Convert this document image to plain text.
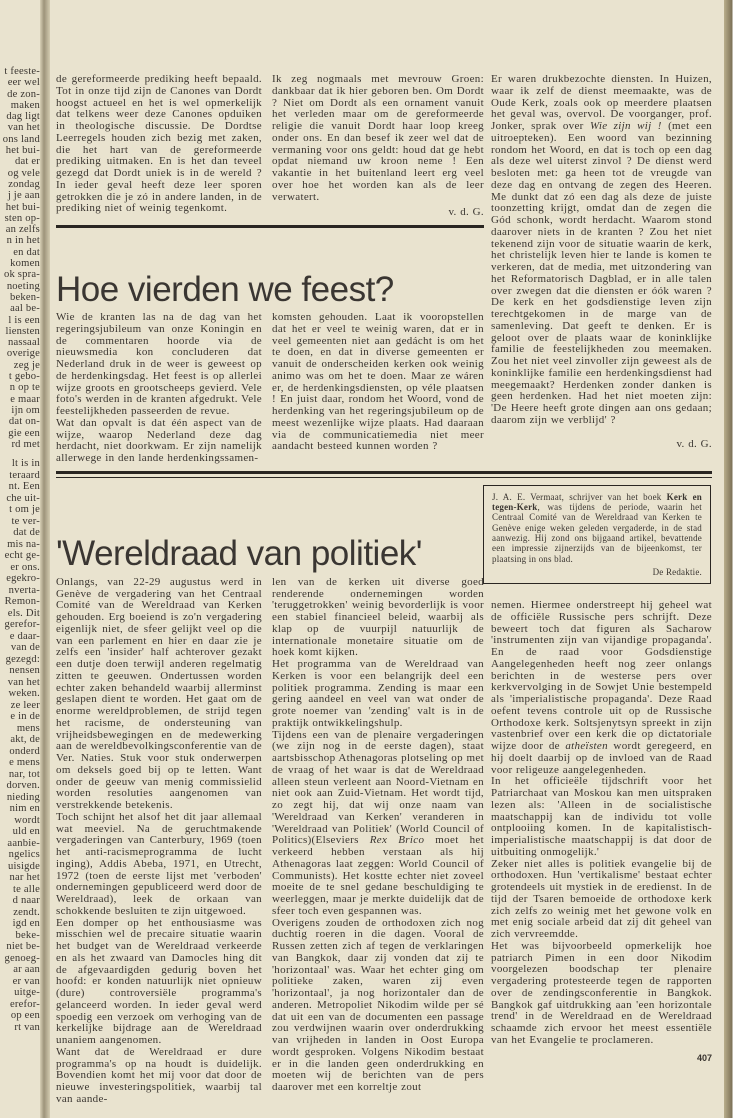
t feeste-
eer wel
de zon-
maken
dag ligt
van het
ons land
het bui-
dat er
og vele
zondag
j je aan
het bui-
sten op-
an zelfs
n in het
en dat
komen
ok spra-
noeting
beken-
aal be-
l is een
liensten
nassaal
overige
zeg je
t gebo-
n op te
e maar
ijn om
dat on-
gie een
rd met
lt is in
teraard
nt. Een
che uit-
t om je
te ver-
dat de
mis na-
echt ge-
er ons.
egekro-
nverta-
Remon-
els. Dit
gerefor-
e daar-
van de
gezegd:
nensen
van het
weken.
ze leer
e in de
mens
akt, de
onderd
e mens
nar, tot
dorven.
nieding
nim en
wordt
uld en
aanbie-
ngelics
uisigde
nar het
te alle
d naar
zendt.
igd en
beke-
niet be-
genoeg-
ar aan
er van
uitge-
erefor-
op een
rt van

de gereformeerde prediking heeft bepaald. Tot in onze tijd zijn de Canones van Dordt hoogst actueel en het is wel opmerkelijk dat telkens weer deze Canones opduiken in theologische discussie. De Dordtse Leerregels houden zich bezig met zaken, die het hart van de gereformeerde prediking uitmaken. En is het dan teveel gezegd dat Dordt uniek is in de wereld ? In ieder geval heeft deze leer sporen getrokken die je zó in andere landen, in de prediking niet of weinig tegenkomt.

Ik zeg nogmaals met mevrouw Groen: dankbaar dat ik hier geboren ben. Om Dordt ? Niet om Dordt als een ornament vanuit het verleden maar om de gereformeerde religie die vanuit Dordt haar loop kreeg onder ons. En dan besef ik zeer wel dat de vermaning voor ons geldt: houd dat ge hebt opdat niemand uw kroon neme ! Een vakantie in het buitenland leert erg veel over hoe het worden kan als de leer verwatert.

v. d. G.

Hoe vierden we feest?

Wie de kranten las na de dag van het regeringsjubileum van onze Koningin en de commentaren hoorde via de nieuwsmedia kon concluderen dat Nederland druk in de weer is geweest op de herdenkingsdag. Het feest is op allerlei wijze groots en grootscheeps gevierd. Vele foto's werden in de kranten afgedrukt. Vele feestelijkheden passeerden de revue.

Wat dan opvalt is dat één aspect van de wijze, waarop Nederland deze dag herdacht, niet doorkwam. Er zijn namelijk allerwege in den lande herdenkingssamen-

komsten gehouden. Laat ik vooropstellen dat het er veel te weinig waren, dat er in veel gemeenten niet aan gedácht is om het te doen, en dat in diverse gemeenten er vanuit de onderscheiden kerken ook weinig animo was om het te doen. Maar ze wáren er, de herdenkingsdiensten, op véle plaatsen ! En juist daar, rondom het Woord, vond de herdenking van het regeringsjubileum op de meest wezenlijke wijze plaats. Had daaraan via de communicatiemedia niet meer aandacht besteed kunnen worden ?

Er waren drukbezochte diensten. In Huizen, waar ik zelf de dienst meemaakte, was de Oude Kerk, zoals ook op meerdere plaatsen het geval was, overvol. De voorganger, prof. Jonker, sprak over Wie zijn wij ! (met een uitroepteken). Een woord van bezinning rondom het Woord, en dat is toch op een dag als deze wel uiterst zinvol ? De dienst werd besloten met: ga heen tot de vreugde van deze dag en ontvang de zegen des Heeren. Me dunkt dat zó een dag als deze de juiste toonzetting krijgt, omdat dan de zegen die Gód schonk, wordt herdacht. Waarom stond daarover niets in de kranten ? Zou het niet tekenend zijn voor de situatie waarin de kerk, het christelijk leven hier te lande is komen te verkeren, dat de media, met uitzondering van het Reformatorisch Dagblad, er in alle talen over zwegen dat die diensten er óók waren ? De kerk en het godsdienstige leven zijn terechtgekomen in de marge van de samenleving. Dat geeft te denken. Er is geloot over de plaats waar de koninklijke familie de feestelijkheden zou meemaken. Zou het niet veel zinvoller zijn geweest als de koninklijke familie een herdenkingsdienst had meegemaakt? Herdenken zonder danken is geen herdenken. Had het niet moeten zijn: 'De Heere heeft grote dingen aan ons gedaan; daarom zijn we verblijd' ?

v. d. G.

'Wereldraad van politiek'

Onlangs, van 22-29 augustus werd in Genève de vergadering van het Centraal Comité van de Wereldraad van Kerken gehouden. Erg boeiend is zo'n vergadering eigenlijk niet, de sfeer gelijkt veel op die van een parlement en hier en daar zie je zelfs een 'insider' half achterover gezakt een dutje doen terwijl anderen regelmatig zitten te geeuwen. Ondertussen worden echter zaken behandeld waarbij allerminst geslapen dient te worden. Het gaat om de enorme wereldproblemen, de strijd tegen het racisme, de ondersteuning van vrijheidsbewegingen en de medewerking aan de wereldbevolkingsconferentie van de Ver. Naties. Stuk voor stuk onderwerpen om deksels goed bij op te letten. Want onder de geeuw van menig commissielid worden resoluties aangenomen van verstrekkende betekenis.

Toch schijnt het alsof het dit jaar allemaal wat meeviel. Na de geruchtmakende vergaderingen van Canterbury, 1969 (toen het anti-racismeprogramma de lucht inging), Addis Abeba, 1971, en Utrecht, 1972 (toen de eerste lijst met 'verboden' ondernemingen gepubliceerd werd door de Wereldraad), leek de orkaan van schokkende besluiten te zijn uitgewoed.

Een domper op het enthousiasme was misschien wel de precaire situatie waarin het budget van de Wereldraad verkeerde en als het zwaard van Damocles hing dit de afgevaardigden gedurig boven het hoofd: er konden natuurlijk niet opnieuw (dure) controversiële programma's gelanceerd worden. In ieder geval werd spoedig een verzoek om verhoging van de kerkelijke bijdrage aan de Wereldraad unaniem aangenomen.

Want dat de Wereldraad er dure programma's op na houdt is duidelijk. Bovendien komt het mij voor dat door de nieuwe investeringspolitiek, waarbij tal van aande-

len van de kerken uit diverse goed renderende ondernemingen worden 'teruggetrokken' weinig bevorderlijk is voor een stabiel financieel beleid, waarbij als klap op de vuurpijl natuurlijk de internationale monetaire situatie om de hoek komt kijken.

Het programma van de Wereldraad van Kerken is voor een belangrijk deel een politiek programma. Zending is maar een gering aandeel en veel van wat onder de grote noemer van 'zending' valt is in de praktijk ontwikkelingshulp.

Tijdens een van de plenaire vergaderingen (we zijn nog in de eerste dagen), staat aartsbisschop Athenagoras plotseling op met de vraag of het waar is dat de Wereldraad alleen steun verleent aan Noord-Vietnam en niet ook aan Zuid-Vietnam. Het wordt tijd, zo zegt hij, dat wij onze naam van 'Wereldraad van Kerken' veranderen in 'Wereldraad van Politiek' (World Council of Politics)(Elseviers Rex Brico moet het verkeerd hebben verstaan als hij Athenagoras laat zeggen: World Council of Communists). Het kostte echter niet zoveel moeite de te snel gedane beschuldiging te weerleggen, maar je merkte duidelijk dat de sfeer toch even gespannen was.

Overigens zouden de orthodoxen zich nog duchtig roeren in die dagen. Vooral de Russen zetten zich af tegen de verklaringen van Bangkok, daar zij vonden dat zij te 'horizontaal' was. Waar het echter ging om politieke zaken, waren zij even 'horizontaal', ja nog horizontaler dan de anderen. Metropoliet Nikodim wilde per sé dat uit een van de documenten een passage zou verdwijnen waarin over onderdrukking van vrijheden in landen in Oost Europa wordt gesproken. Volgens Nikodim bestaat er in die landen geen onderdrukking en moeten wij de berichten van de pers daarover met een korreltje zout

J. A. E. Vermaat, schrijver van het boek Kerk en tegen-Kerk, was tijdens de periode, waarin het Centraal Comité van de Wereldraad van Kerken te Genève enige weken geleden vergaderde, in de stad aanwezig. Hij zond ons bijgaand artikel, bevattende een impressie zijnerzijds van de bijeenkomst, ter plaatsing in ons blad.

De Redaktie.

nemen. Hiermee onderstreept hij geheel wat de officiële Russische pers schrijft. Deze beweert toch dat figuren als Sacharow 'instrumenten zijn van vijandige propaganda'. En de raad voor Godsdienstige Aangelegenheden heeft nog zeer onlangs berichten in de westerse pers over kerkvervolging in de Sowjet Unie bestempeld als 'imperialistische propaganda'. Deze Raad oefent tevens controle uit op de Russische Orthodoxe kerk. Soltsjenytsyn spreekt in zijn vastenbrief over een kerk die op dictatoriale wijze door de atheïsten wordt geregeerd, en hij doelt daarbij op de invloed van de Raad voor religeuze aangelegenheden.

In het officieële tijdschrift voor het Patriarchaat van Moskou kan men uitspraken lezen als: 'Alleen in de socialistische maatschappij kan de individu tot volle ontplooiing komen. In de kapitalistisch-imperialistische maatschappij is dat door de uitbuiting onmogelijk.'

Zeker niet alles is politiek evangelie bij de orthodoxen. Hun 'vertikalisme' bestaat echter grotendeels uit mystiek in de eredienst. In de tijd der Tsaren bemoeide de orthodoxe kerk zich zelfs zo weinig met het gewone volk en met enig sociale arbeid dat zij dit geheel van zich vervreemdde.

Het was bijvoorbeeld opmerkelijk hoe patriarch Pimen in een door Nikodim voorgelezen boodschap ter plenaire vergadering protesteerde tegen de rapporten over de zendingsconferentie in Bangkok. Bangkok gaf uitdrukking aan 'een horizontale trend' in de Wereldraad en de Wereldraad schaamde zich ervoor het meest essentiële van het Evangelie te proclameren.

407
